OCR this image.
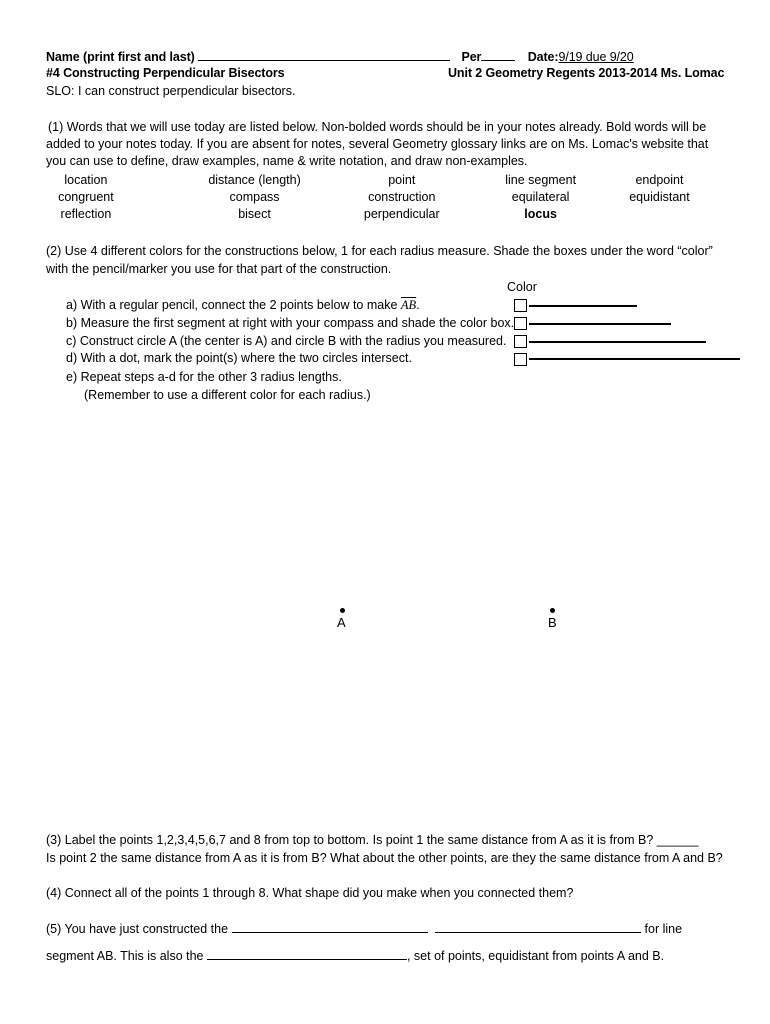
Name (print first and last)	Per	Date:9/19 due 9/20
#4 Constructing Perpendicular Bisectors	Unit 2 Geometry Regents 2013-2014 Ms. Lomac
SLO: I can construct perpendicular bisectors.
(1) Words that we will use today are listed below. Non-bolded words should be in your notes already. Bold words will be
added to your notes today. If you are absent for notes, several Geometry glossary links are on Ms. Lomac's website that
you can use to define, draw examples, name & write notation, and draw non-examples.
location	distance (length)	point	line segment	endpoint
congruent	compass	construction	equilateral	equidistant
reflection	bisect	perpendicular	locus
(2) Use 4 different colors for the constructions below, 1 for each radius measure. Shade the boxes under the word “color”
with the pencil/marker you use for that part of the construction.
Color
a) With a regular pencil, connect the 2 points below to make $\overline{AB}$.
b) Measure the first segment at right with your compass and shade the color box.
c) Construct circle A (the center is A) and circle B with the radius you measured.
d) With a dot, mark the point(s) where the two circles intersect.
e) Repeat steps a-d for the other 3 radius lengths.
(Remember to use a different color for each radius.)
A	B
(3) Label the points 1,2,3,4,5,6,7 and 8 from top to bottom. Is point 1 the same distance from A as it is from B? ______
Is point 2 the same distance from A as it is from B? What about the other points, are they the same distance from A and B?
(4) Connect all of the points 1 through 8. What shape did you make when you connected them?
(5) You have just constructed the	for line
segment AB. This is also the	, set of points, equidistant from points A and B.
